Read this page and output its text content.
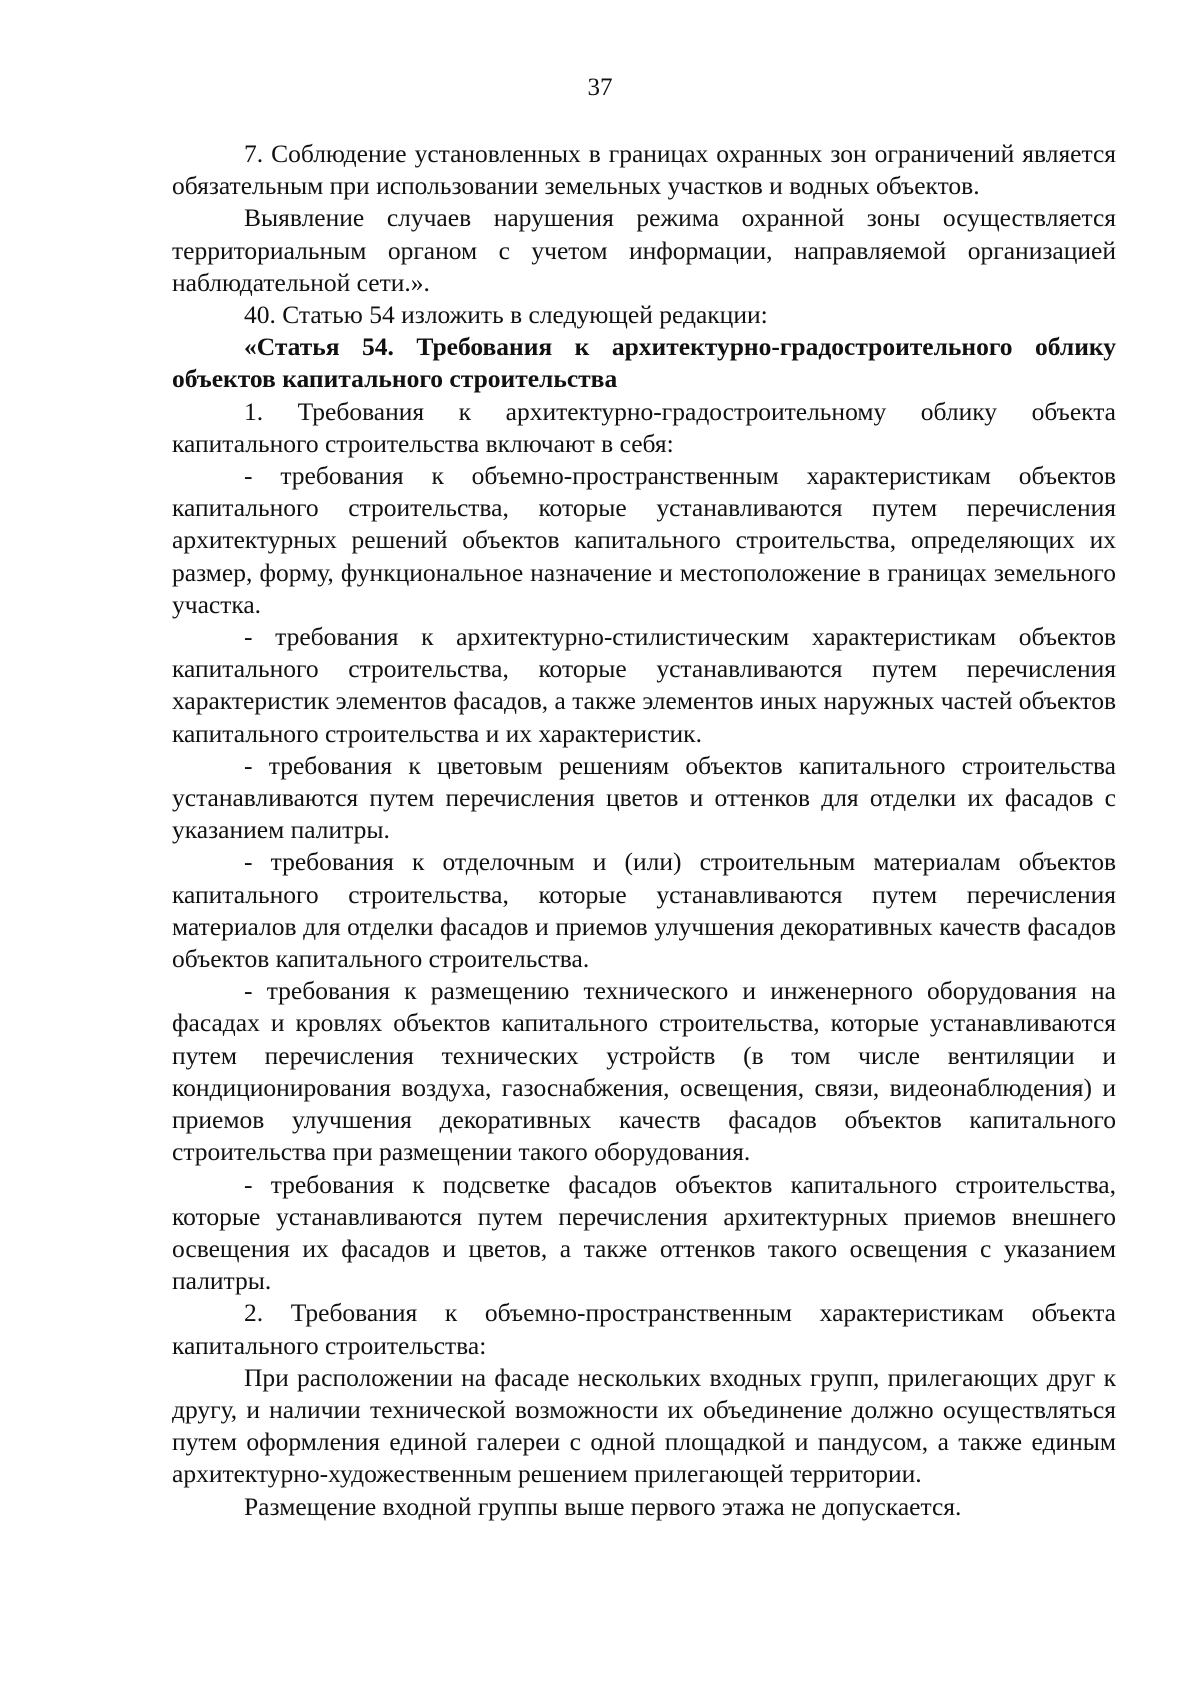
37

7. Соблюдение установленных в границах охранных зон ограничений является обязательным при использовании земельных участков и водных объектов.

Выявление случаев нарушения режима охранной зоны осуществляется территориальным органом с учетом информации, направляемой организацией наблюдательной сети.».

40. Статью 54 изложить в следующей редакции:

«Статья 54. Требования к архитектурно-градостроительного облику объектов капитального строительства

1. Требования к архитектурно-градостроительному облику объекта капитального строительства включают в себя:

- требования к объемно-пространственным характеристикам объектов капитального строительства, которые устанавливаются путем перечисления архитектурных решений объектов капитального строительства, определяющих их размер, форму, функциональное назначение и местоположение в границах земельного участка.

- требования к архитектурно-стилистическим характеристикам объектов капитального строительства, которые устанавливаются путем перечисления характеристик элементов фасадов, а также элементов иных наружных частей объектов капитального строительства и их характеристик.

- требования к цветовым решениям объектов капитального строительства устанавливаются путем перечисления цветов и оттенков для отделки их фасадов с указанием палитры.

- требования к отделочным и (или) строительным материалам объектов капитального строительства, которые устанавливаются путем перечисления материалов для отделки фасадов и приемов улучшения декоративных качеств фасадов объектов капитального строительства.

- требования к размещению технического и инженерного оборудования на фасадах и кровлях объектов капитального строительства, которые устанавливаются путем перечисления технических устройств (в том числе вентиляции и кондиционирования воздуха, газоснабжения, освещения, связи, видеонаблюдения) и приемов улучшения декоративных качеств фасадов объектов капитального строительства при размещении такого оборудования.

- требования к подсветке фасадов объектов капитального строительства, которые устанавливаются путем перечисления архитектурных приемов внешнего освещения их фасадов и цветов, а также оттенков такого освещения с указанием палитры.

2. Требования к объемно-пространственным характеристикам объекта капитального строительства:

При расположении на фасаде нескольких входных групп, прилегающих друг к другу, и наличии технической возможности их объединение должно осуществляться путем оформления единой галереи с одной площадкой и пандусом, а также единым архитектурно-художественным решением прилегающей территории.

Размещение входной группы выше первого этажа не допускается.
